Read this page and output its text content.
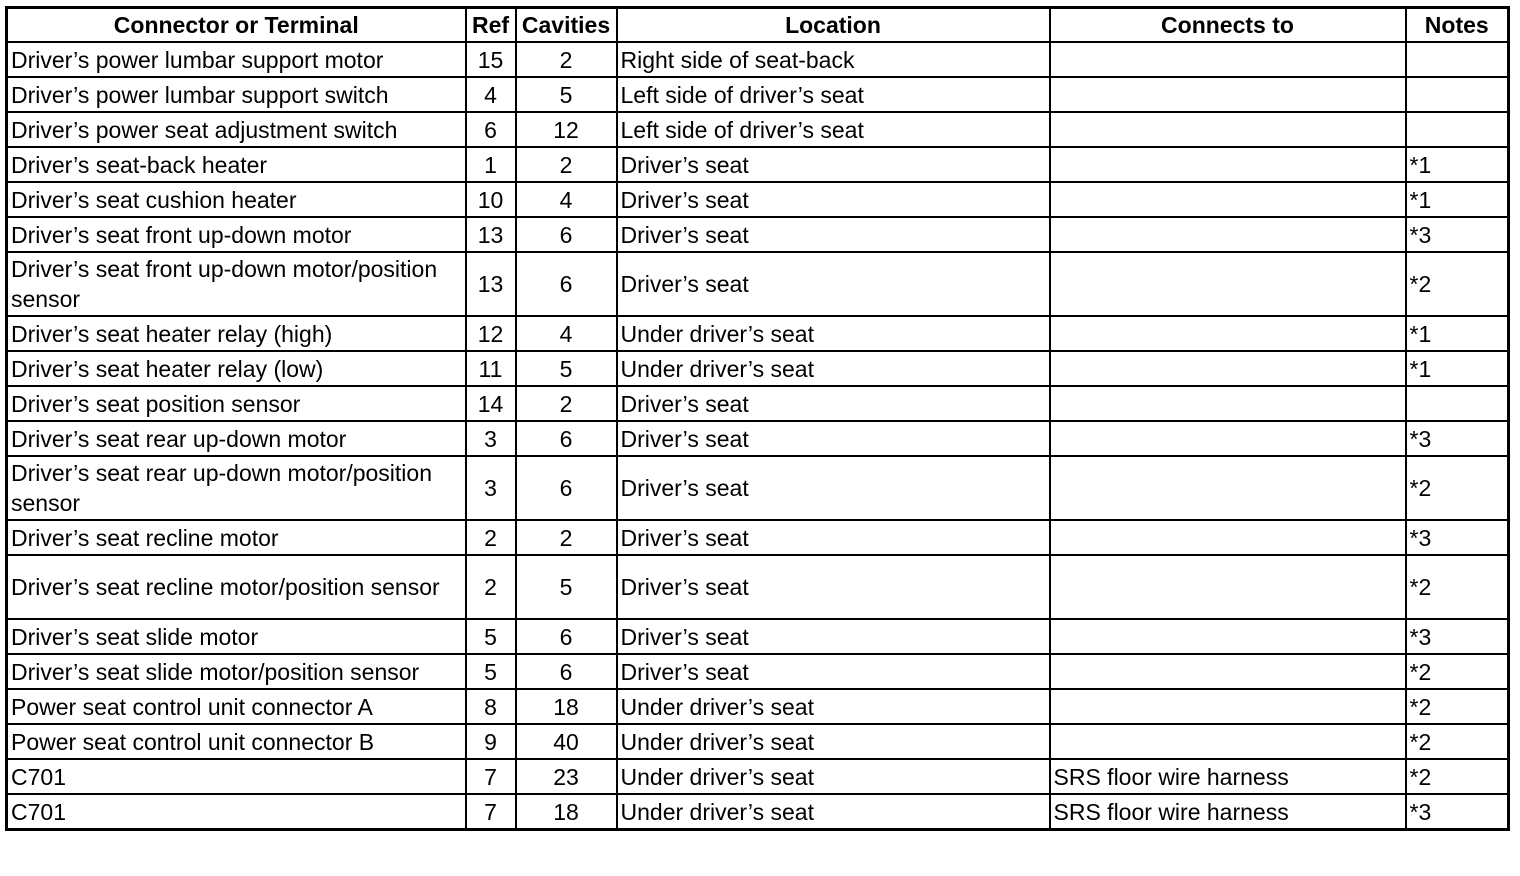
Connector or Terminal	Ref	Cavities	Location	Connects to	Notes
Driver’s power lumbar support motor	15	2	Right side of seat-back		
Driver’s power lumbar support switch	4	5	Left side of driver’s seat		
Driver’s power seat adjustment switch	6	12	Left side of driver’s seat		
Driver’s seat-back heater	1	2	Driver’s seat		*1
Driver’s seat cushion heater	10	4	Driver’s seat		*1
Driver’s seat front up-down motor	13	6	Driver’s seat		*3
Driver’s seat front up-down motor/position sensor	13	6	Driver’s seat		*2
Driver’s seat heater relay (high)	12	4	Under driver’s seat		*1
Driver’s seat heater relay (low)	11	5	Under driver’s seat		*1
Driver’s seat position sensor	14	2	Driver’s seat		
Driver’s seat rear up-down motor	3	6	Driver’s seat		*3
Driver’s seat rear up-down motor/position sensor	3	6	Driver’s seat		*2
Driver’s seat recline motor	2	2	Driver’s seat		*3
Driver’s seat recline motor/position sensor	2	5	Driver’s seat		*2
Driver’s seat slide motor	5	6	Driver’s seat		*3
Driver’s seat slide motor/position sensor	5	6	Driver’s seat		*2
Power seat control unit connector A	8	18	Under driver’s seat		*2
Power seat control unit connector B	9	40	Under driver’s seat		*2
C701	7	23	Under driver’s seat	SRS floor wire harness	*2
C701	7	18	Under driver’s seat	SRS floor wire harness	*3
